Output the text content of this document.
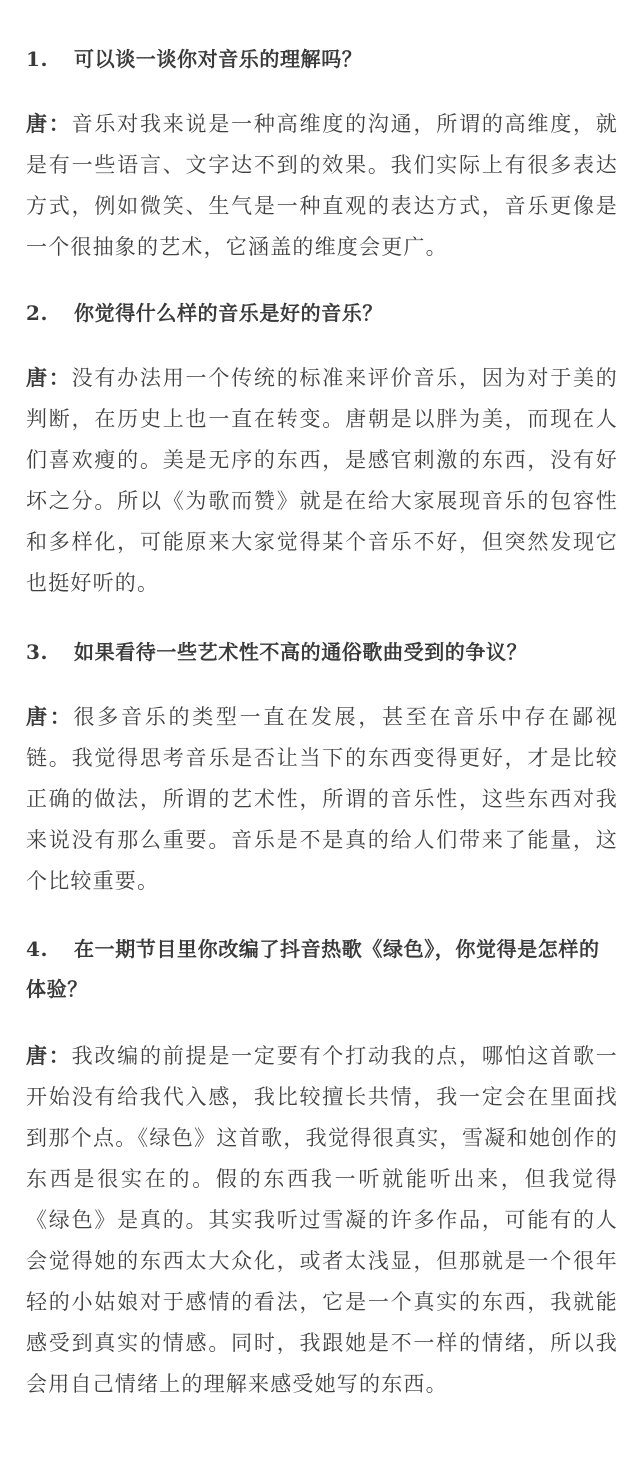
1. 可以谈一谈你对音乐的理解吗？

唐：音乐对我来说是一种高维度的沟通，所谓的高维度，就是有一些语言、文字达不到的效果。我们实际上有很多表达方式，例如微笑、生气是一种直观的表达方式，音乐更像是一个很抽象的艺术，它涵盖的维度会更广。

2. 你觉得什么样的音乐是好的音乐？

唐：没有办法用一个传统的标准来评价音乐，因为对于美的判断，在历史上也一直在转变。唐朝是以胖为美，而现在人们喜欢瘦的。美是无序的东西，是感官刺激的东西，没有好坏之分。所以《为歌而赞》就是在给大家展现音乐的包容性和多样化，可能原来大家觉得某个音乐不好，但突然发现它也挺好听的。

3. 如果看待一些艺术性不高的通俗歌曲受到的争议？

唐：很多音乐的类型一直在发展，甚至在音乐中存在鄙视链。我觉得思考音乐是否让当下的东西变得更好，才是比较正确的做法，所谓的艺术性，所谓的音乐性，这些东西对我来说没有那么重要。音乐是不是真的给人们带来了能量，这个比较重要。

4. 在一期节目里你改编了抖音热歌《绿色》，你觉得是怎样的体验？

唐：我改编的前提是一定要有个打动我的点，哪怕这首歌一开始没有给我代入感，我比较擅长共情，我一定会在里面找到那个点。《绿色》这首歌，我觉得很真实，雪凝和她创作的东西是很实在的。假的东西我一听就能听出来，但我觉得《绿色》是真的。其实我听过雪凝的许多作品，可能有的人会觉得她的东西太大众化，或者太浅显，但那就是一个很年轻的小姑娘对于感情的看法，它是一个真实的东西，我就能感受到真实的情感。同时，我跟她是不一样的情绪，所以我会用自己情绪上的理解来感受她写的东西。
